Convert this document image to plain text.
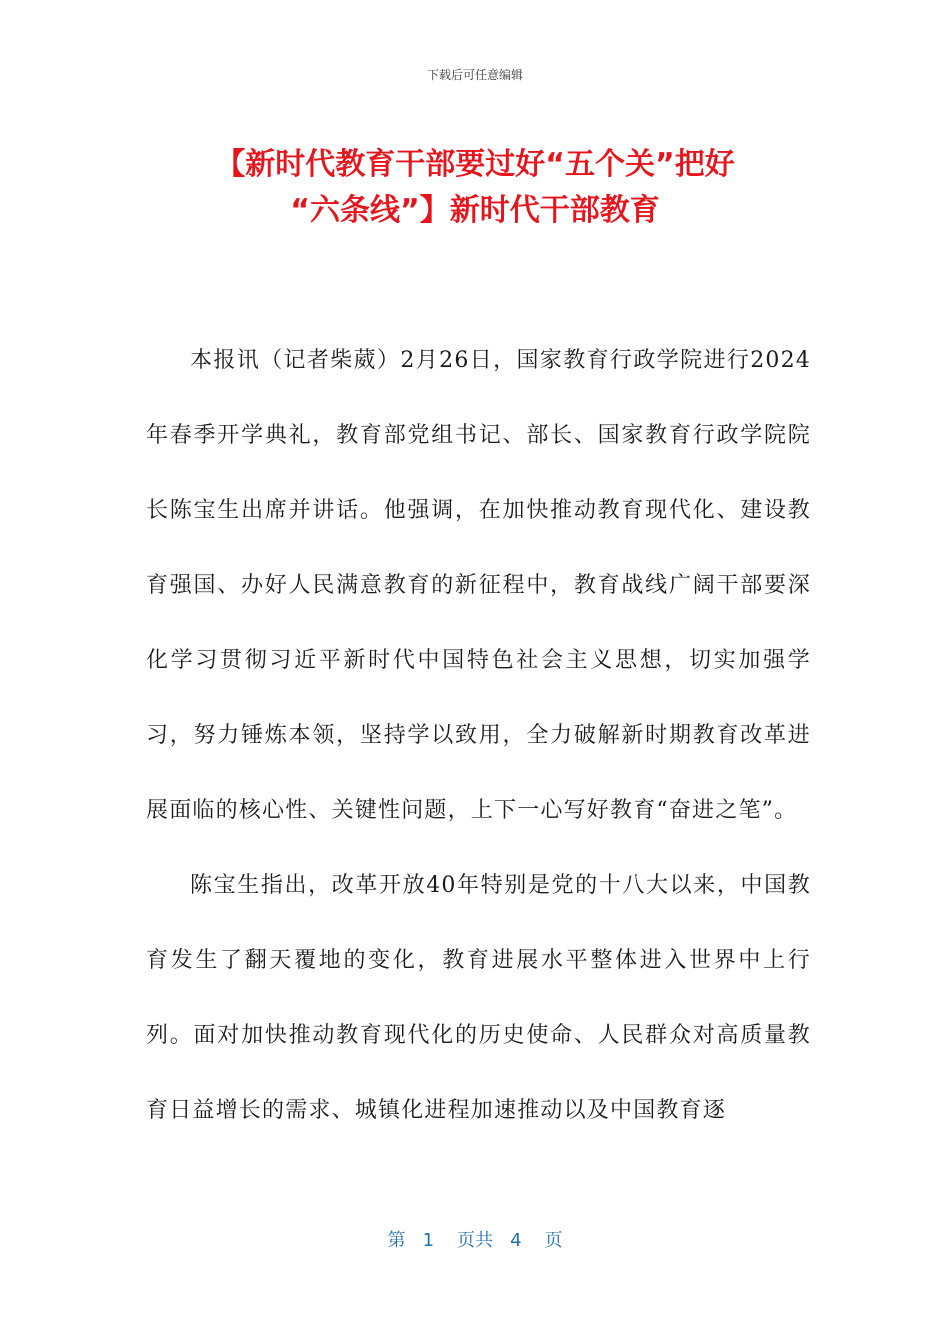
下载后可任意编辑
【新时代教育干部要过好“五个关”把好
“六条线”】新时代干部教育

本报讯（记者柴葳）2月26日，国家教育行政学院进行2024年春季开学典礼，教育部党组书记、部长、国家教育行政学院院长陈宝生出席并讲话。他强调，在加快推动教育现代化、建设教育强国、办好人民满意教育的新征程中，教育战线广阔干部要深化学习贯彻习近平新时代中国特色社会主义思想，切实加强学习，努力锤炼本领，坚持学以致用，全力破解新时期教育改革进展面临的核心性、关键性问题，上下一心写好教育“奋进之笔”。

陈宝生指出，改革开放40年特别是党的十八大以来，中国教育发生了翻天覆地的变化，教育进展水平整体进入世界中上行列。面对加快推动教育现代化的历史使命、人民群众对高质量教育日益增长的需求、城镇化进程加速推动以及中国教育逐

第 1 页共 4 页
